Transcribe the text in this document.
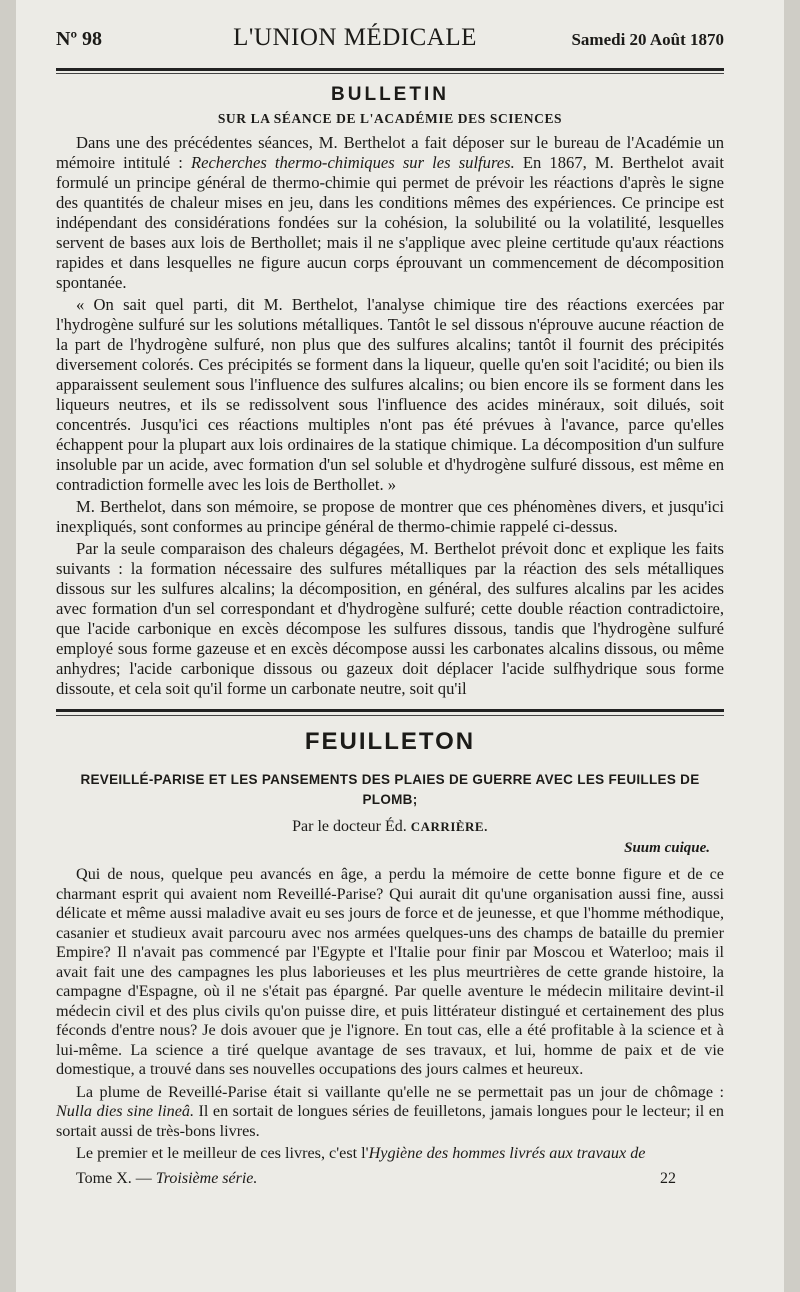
Nº 98	L'UNION MÉDICALE	Samedi 20 Août 1870
BULLETIN
SUR LA SÉANCE DE L'ACADÉMIE DES SCIENCES

Dans une des précédentes séances, M. Berthelot a fait déposer sur le bureau de l'Académie un mémoire intitulé : Recherches thermo-chimiques sur les sulfures. En 1867, M. Berthelot avait formulé un principe général de thermo-chimie qui permet de prévoir les réactions d'après le signe des quantités de chaleur mises en jeu, dans les conditions mêmes des expériences. Ce principe est indépendant des considérations fondées sur la cohésion, la solubilité ou la volatilité, lesquelles servent de bases aux lois de Berthollet; mais il ne s'applique avec pleine certitude qu'aux réactions rapides et dans lesquelles ne figure aucun corps éprouvant un commencement de décomposition spontanée.

« On sait quel parti, dit M. Berthelot, l'analyse chimique tire des réactions exercées par l'hydrogène sulfuré sur les solutions métalliques. Tantôt le sel dissous n'éprouve aucune réaction de la part de l'hydrogène sulfuré, non plus que des sulfures alcalins; tantôt il fournit des précipités diversement colorés. Ces précipités se forment dans la liqueur, quelle qu'en soit l'acidité; ou bien ils apparaissent seulement sous l'influence des sulfures alcalins; ou bien encore ils se forment dans les liqueurs neutres, et ils se redissolvent sous l'influence des acides minéraux, soit dilués, soit concentrés. Jusqu'ici ces réactions multiples n'ont pas été prévues à l'avance, parce qu'elles échappent pour la plupart aux lois ordinaires de la statique chimique. La décomposition d'un sulfure insoluble par un acide, avec formation d'un sel soluble et d'hydrogène sulfuré dissous, est même en contradiction formelle avec les lois de Berthollet. »

M. Berthelot, dans son mémoire, se propose de montrer que ces phénomènes divers, et jusqu'ici inexpliqués, sont conformes au principe général de thermo-chimie rappelé ci-dessus.

Par la seule comparaison des chaleurs dégagées, M. Berthelot prévoit donc et explique les faits suivants : la formation nécessaire des sulfures métalliques par la réaction des sels métalliques dissous sur les sulfures alcalins; la décomposition, en général, des sulfures alcalins par les acides avec formation d'un sel correspondant et d'hydrogène sulfuré; cette double réaction contradictoire, que l'acide carbonique en excès décompose les sulfures dissous, tandis que l'hydrogène sulfuré employé sous forme gazeuse et en excès décompose aussi les carbonates alcalins dissous, ou même anhydres; l'acide carbonique dissous ou gazeux doit déplacer l'acide sulfhydrique sous forme dissoute, et cela soit qu'il forme un carbonate neutre, soit qu'il

FEUILLETON
REVEILLÉ-PARISE ET LES PANSEMENTS DES PLAIES DE GUERRE AVEC LES FEUILLES DE PLOMB;
Par le docteur Éd. CARRIÈRE.
Suum cuique.

Qui de nous, quelque peu avancés en âge, a perdu la mémoire de cette bonne figure et de ce charmant esprit qui avaient nom Reveillé-Parise? Qui aurait dit qu'une organisation aussi fine, aussi délicate et même aussi maladive avait eu ses jours de force et de jeunesse, et que l'homme méthodique, casanier et studieux avait parcouru avec nos armées quelques-uns des champs de bataille du premier Empire? Il n'avait pas commencé par l'Egypte et l'Italie pour finir par Moscou et Waterloo; mais il avait fait une des campagnes les plus laborieuses et les plus meurtrières de cette grande histoire, la campagne d'Espagne, où il ne s'était pas épargné. Par quelle aventure le médecin militaire devint-il médecin civil et des plus civils qu'on puisse dire, et puis littérateur distingué et certainement des plus féconds d'entre nous? Je dois avouer que je l'ignore. En tout cas, elle a été profitable à la science et à lui-même. La science a tiré quelque avantage de ses travaux, et lui, homme de paix et de vie domestique, a trouvé dans ses nouvelles occupations des jours calmes et heureux.

La plume de Reveillé-Parise était si vaillante qu'elle ne se permettait pas un jour de chômage : Nulla dies sine lineâ. Il en sortait de longues séries de feuilletons, jamais longues pour le lecteur; il en sortait aussi de très-bons livres.

Le premier et le meilleur de ces livres, c'est l'Hygiène des hommes livrés aux travaux de

Tome X. — Troisième série.	22
